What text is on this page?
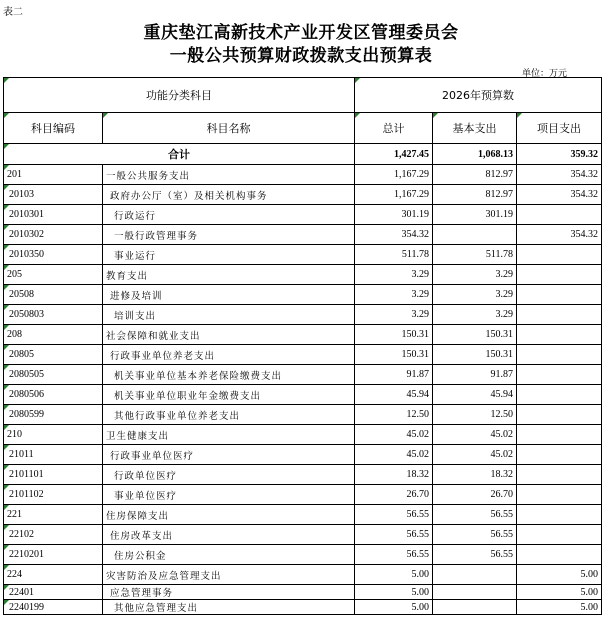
表二
重庆垫江高新技术产业开发区管理委员会
一般公共预算财政拨款支出预算表
单位：万元
功能分类科目		2026年预算数		
科目编码	科目名称	总计	基本支出	项目支出
合计		1,427.45	1,068.13	359.32
201	一般公共服务支出	1,167.29	812.97	354.32
20103	政府办公厅（室）及相关机构事务	1,167.29	812.97	354.32
2010301	行政运行	301.19	301.19	
2010302	一般行政管理事务	354.32		354.32
2010350	事业运行	511.78	511.78	
205	教育支出	3.29	3.29	
20508	进修及培训	3.29	3.29	
2050803	培训支出	3.29	3.29	
208	社会保障和就业支出	150.31	150.31	
20805	行政事业单位养老支出	150.31	150.31	
2080505	机关事业单位基本养老保险缴费支出	91.87	91.87	
2080506	机关事业单位职业年金缴费支出	45.94	45.94	
2080599	其他行政事业单位养老支出	12.50	12.50	
210	卫生健康支出	45.02	45.02	
21011	行政事业单位医疗	45.02	45.02	
2101101	行政单位医疗	18.32	18.32	
2101102	事业单位医疗	26.70	26.70	
221	住房保障支出	56.55	56.55	
22102	住房改革支出	56.55	56.55	
2210201	住房公积金	56.55	56.55	
224	灾害防治及应急管理支出	5.00		5.00
22401	应急管理事务	5.00		5.00
2240199	其他应急管理支出	5.00		5.00
